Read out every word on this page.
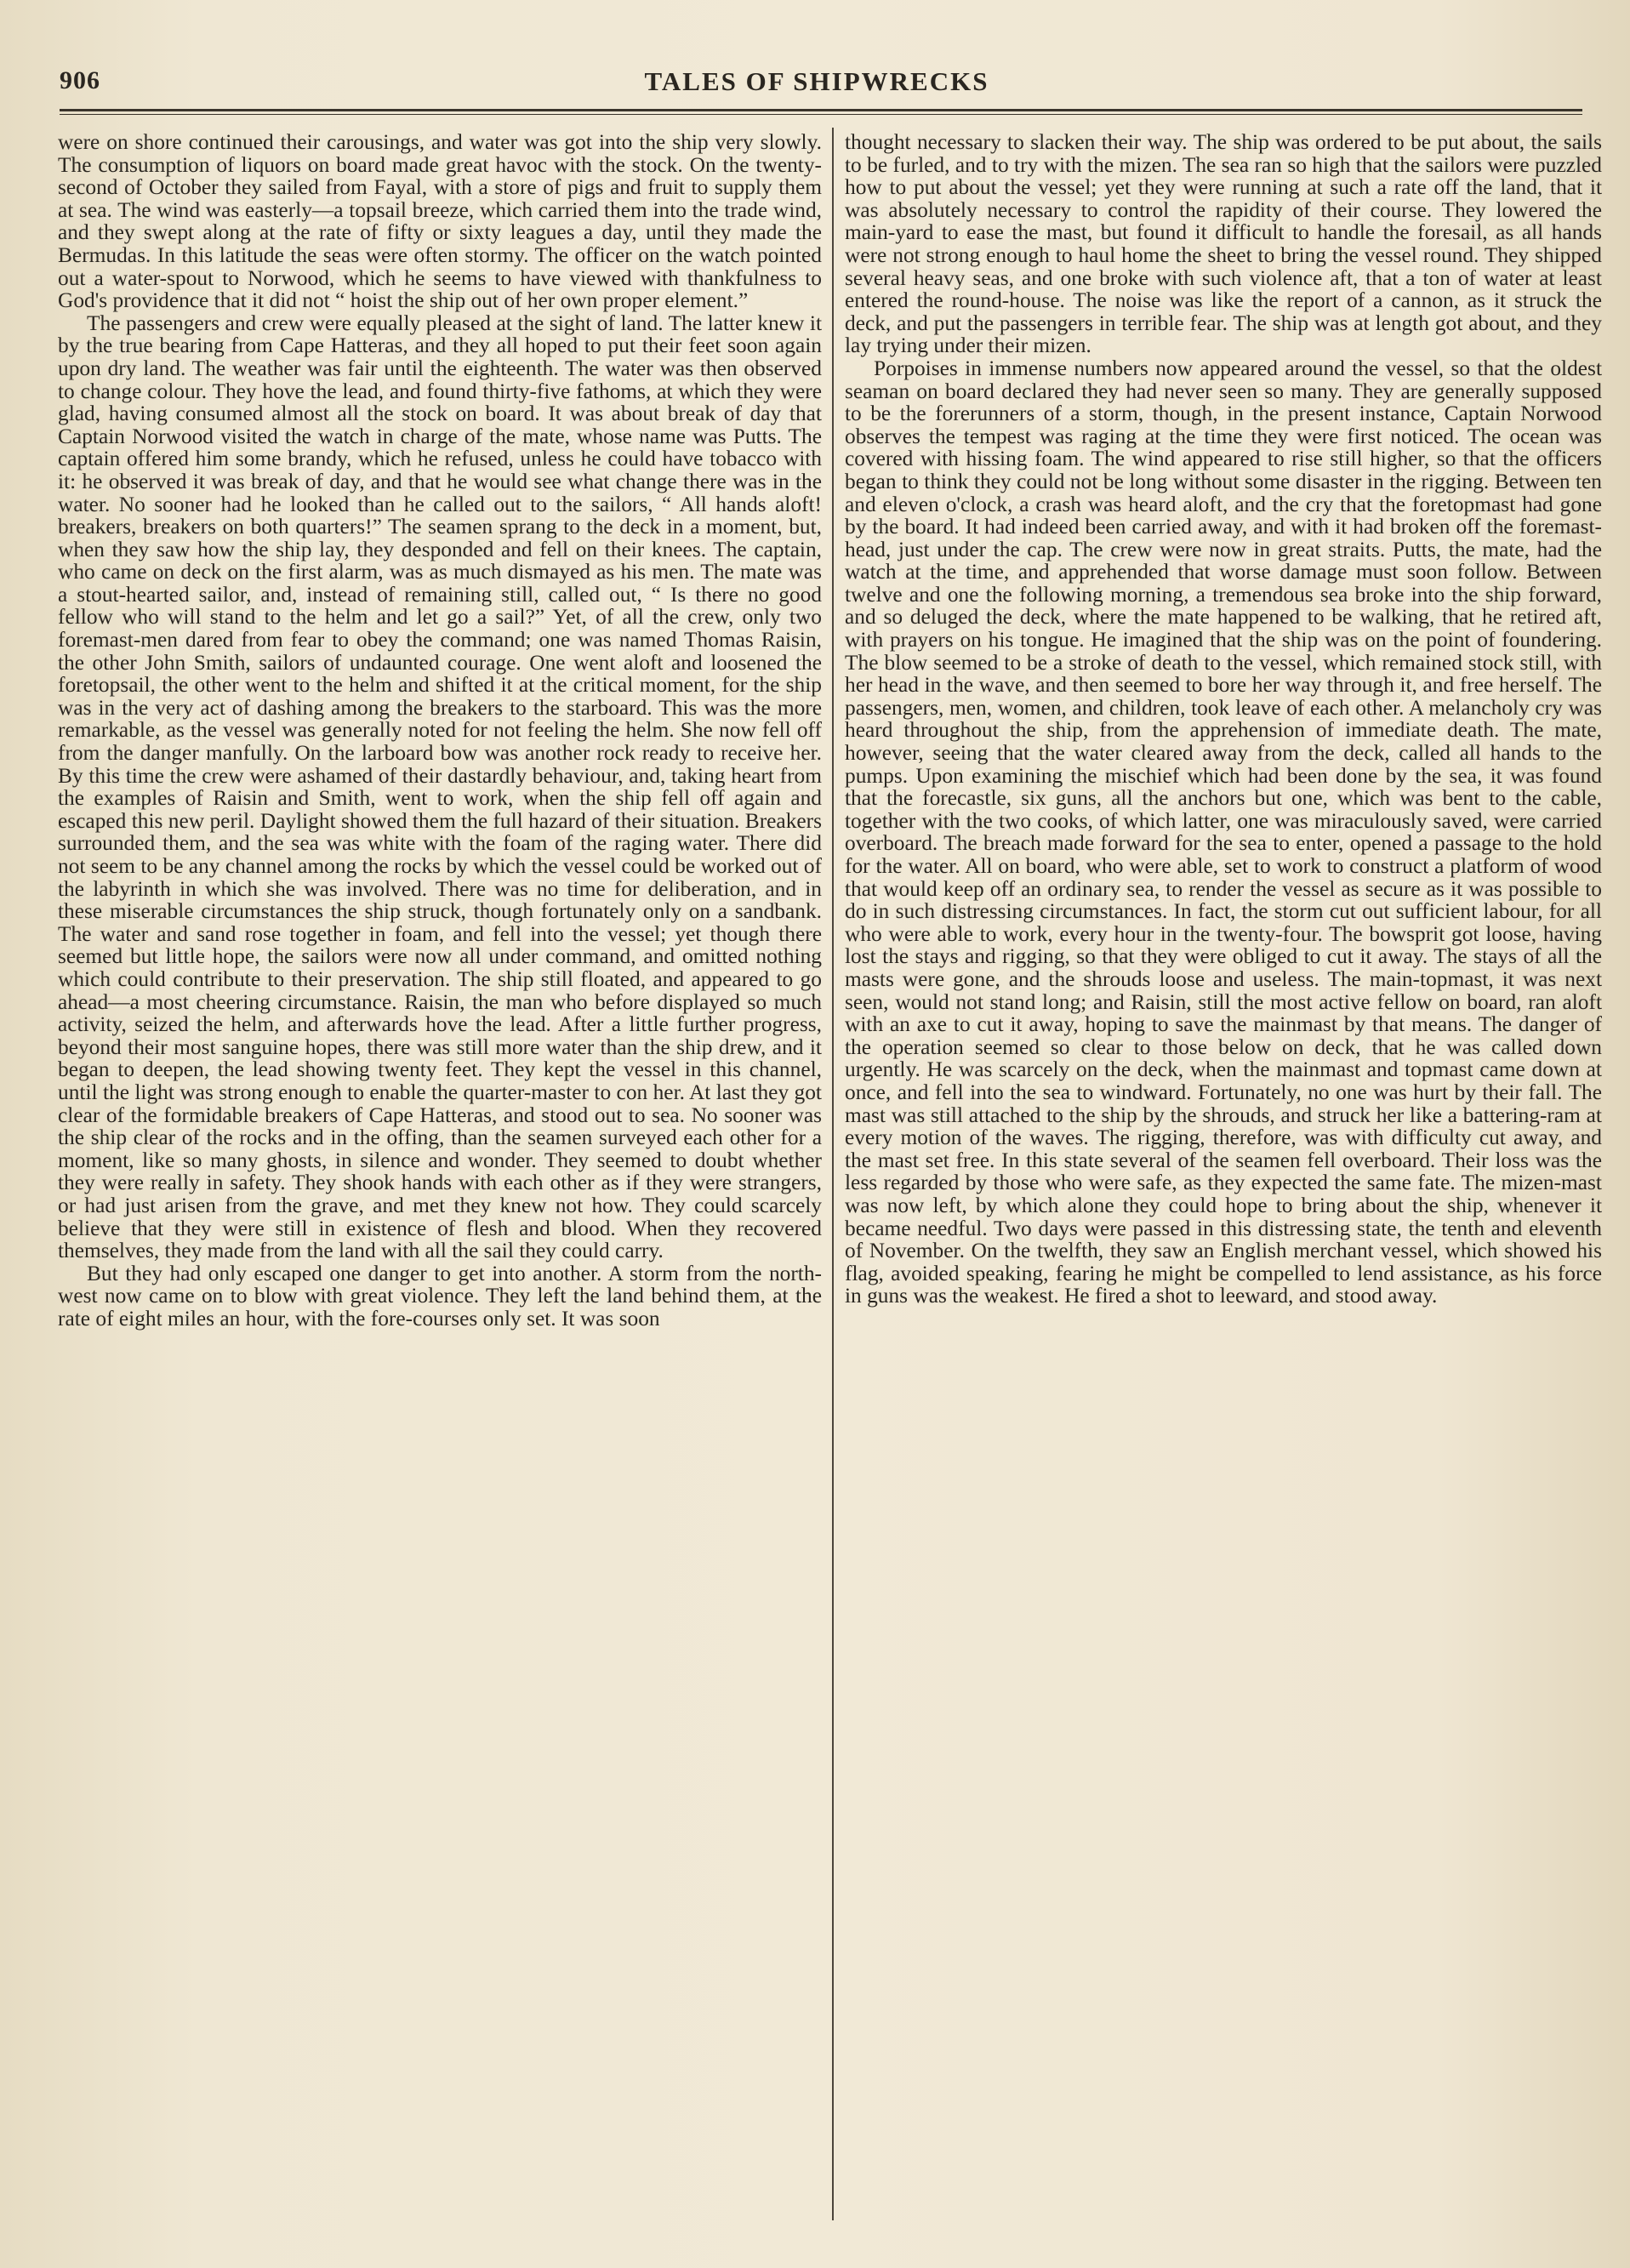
906	TALES OF SHIPWRECKS

were on shore continued their carousings, and water was got into the ship very slowly. The consumption of liquors on board made great havoc with the stock. On the twenty-second of October they sailed from Fayal, with a store of pigs and fruit to supply them at sea. The wind was easterly—a topsail breeze, which carried them into the trade wind, and they swept along at the rate of fifty or sixty leagues a day, until they made the Bermudas. In this latitude the seas were often stormy. The officer on the watch pointed out a water-spout to Norwood, which he seems to have viewed with thankfulness to God's providence that it did not “ hoist the ship out of her own proper element.”

The passengers and crew were equally pleased at the sight of land. The latter knew it by the true bearing from Cape Hatteras, and they all hoped to put their feet soon again upon dry land. The weather was fair until the eighteenth. The water was then observed to change colour. They hove the lead, and found thirty-five fathoms, at which they were glad, having consumed almost all the stock on board. It was about break of day that Captain Norwood visited the watch in charge of the mate, whose name was Putts. The captain offered him some brandy, which he refused, unless he could have tobacco with it: he observed it was break of day, and that he would see what change there was in the water. No sooner had he looked than he called out to the sailors, “ All hands aloft! breakers, breakers on both quarters!” The seamen sprang to the deck in a moment, but, when they saw how the ship lay, they desponded and fell on their knees. The captain, who came on deck on the first alarm, was as much dismayed as his men. The mate was a stout-hearted sailor, and, instead of remaining still, called out, “ Is there no good fellow who will stand to the helm and let go a sail?” Yet, of all the crew, only two foremast-men dared from fear to obey the command; one was named Thomas Raisin, the other John Smith, sailors of undaunted courage. One went aloft and loosened the foretopsail, the other went to the helm and shifted it at the critical moment, for the ship was in the very act of dashing among the breakers to the starboard. This was the more remarkable, as the vessel was generally noted for not feeling the helm. She now fell off from the danger manfully. On the larboard bow was another rock ready to receive her. By this time the crew were ashamed of their dastardly behaviour, and, taking heart from the examples of Raisin and Smith, went to work, when the ship fell off again and escaped this new peril. Daylight showed them the full hazard of their situation. Breakers surrounded them, and the sea was white with the foam of the raging water. There did not seem to be any channel among the rocks by which the vessel could be worked out of the labyrinth in which she was involved. There was no time for deliberation, and in these miserable circumstances the ship struck, though fortunately only on a sandbank. The water and sand rose together in foam, and fell into the vessel; yet though there seemed but little hope, the sailors were now all under command, and omitted nothing which could contribute to their preservation. The ship still floated, and appeared to go ahead—a most cheering circumstance. Raisin, the man who before displayed so much activity, seized the helm, and afterwards hove the lead. After a little further progress, beyond their most sanguine hopes, there was still more water than the ship drew, and it began to deepen, the lead showing twenty feet. They kept the vessel in this channel, until the light was strong enough to enable the quarter-master to con her. At last they got clear of the formidable breakers of Cape Hatteras, and stood out to sea. No sooner was the ship clear of the rocks and in the offing, than the seamen surveyed each other for a moment, like so many ghosts, in silence and wonder. They seemed to doubt whether they were really in safety. They shook hands with each other as if they were strangers, or had just arisen from the grave, and met they knew not how. They could scarcely believe that they were still in existence of flesh and blood. When they recovered themselves, they made from the land with all the sail they could carry.

But they had only escaped one danger to get into another. A storm from the north-west now came on to blow with great violence. They left the land behind them, at the rate of eight miles an hour, with the fore-courses only set. It was soon

thought necessary to slacken their way. The ship was ordered to be put about, the sails to be furled, and to try with the mizen. The sea ran so high that the sailors were puzzled how to put about the vessel; yet they were running at such a rate off the land, that it was absolutely necessary to control the rapidity of their course. They lowered the main-yard to ease the mast, but found it difficult to handle the foresail, as all hands were not strong enough to haul home the sheet to bring the vessel round. They shipped several heavy seas, and one broke with such violence aft, that a ton of water at least entered the round-house. The noise was like the report of a cannon, as it struck the deck, and put the passengers in terrible fear. The ship was at length got about, and they lay trying under their mizen.

Porpoises in immense numbers now appeared around the vessel, so that the oldest seaman on board declared they had never seen so many. They are generally supposed to be the forerunners of a storm, though, in the present instance, Captain Norwood observes the tempest was raging at the time they were first noticed. The ocean was covered with hissing foam. The wind appeared to rise still higher, so that the officers began to think they could not be long without some disaster in the rigging. Between ten and eleven o'clock, a crash was heard aloft, and the cry that the foretopmast had gone by the board. It had indeed been carried away, and with it had broken off the foremast-head, just under the cap. The crew were now in great straits. Putts, the mate, had the watch at the time, and apprehended that worse damage must soon follow. Between twelve and one the following morning, a tremendous sea broke into the ship forward, and so deluged the deck, where the mate happened to be walking, that he retired aft, with prayers on his tongue. He imagined that the ship was on the point of foundering. The blow seemed to be a stroke of death to the vessel, which remained stock still, with her head in the wave, and then seemed to bore her way through it, and free herself. The passengers, men, women, and children, took leave of each other. A melancholy cry was heard throughout the ship, from the apprehension of immediate death. The mate, however, seeing that the water cleared away from the deck, called all hands to the pumps. Upon examining the mischief which had been done by the sea, it was found that the forecastle, six guns, all the anchors but one, which was bent to the cable, together with the two cooks, of which latter, one was miraculously saved, were carried overboard. The breach made forward for the sea to enter, opened a passage to the hold for the water. All on board, who were able, set to work to construct a platform of wood that would keep off an ordinary sea, to render the vessel as secure as it was possible to do in such distressing circumstances. In fact, the storm cut out sufficient labour, for all who were able to work, every hour in the twenty-four. The bowsprit got loose, having lost the stays and rigging, so that they were obliged to cut it away. The stays of all the masts were gone, and the shrouds loose and useless. The main-topmast, it was next seen, would not stand long; and Raisin, still the most active fellow on board, ran aloft with an axe to cut it away, hoping to save the mainmast by that means. The danger of the operation seemed so clear to those below on deck, that he was called down urgently. He was scarcely on the deck, when the mainmast and topmast came down at once, and fell into the sea to windward. Fortunately, no one was hurt by their fall. The mast was still attached to the ship by the shrouds, and struck her like a battering-ram at every motion of the waves. The rigging, therefore, was with difficulty cut away, and the mast set free. In this state several of the seamen fell overboard. Their loss was the less regarded by those who were safe, as they expected the same fate. The mizen-mast was now left, by which alone they could hope to bring about the ship, whenever it became needful. Two days were passed in this distressing state, the tenth and eleventh of November. On the twelfth, they saw an English merchant vessel, which showed his flag, avoided speaking, fearing he might be compelled to lend assistance, as his force in guns was the weakest. He fired a shot to leeward, and stood away.
